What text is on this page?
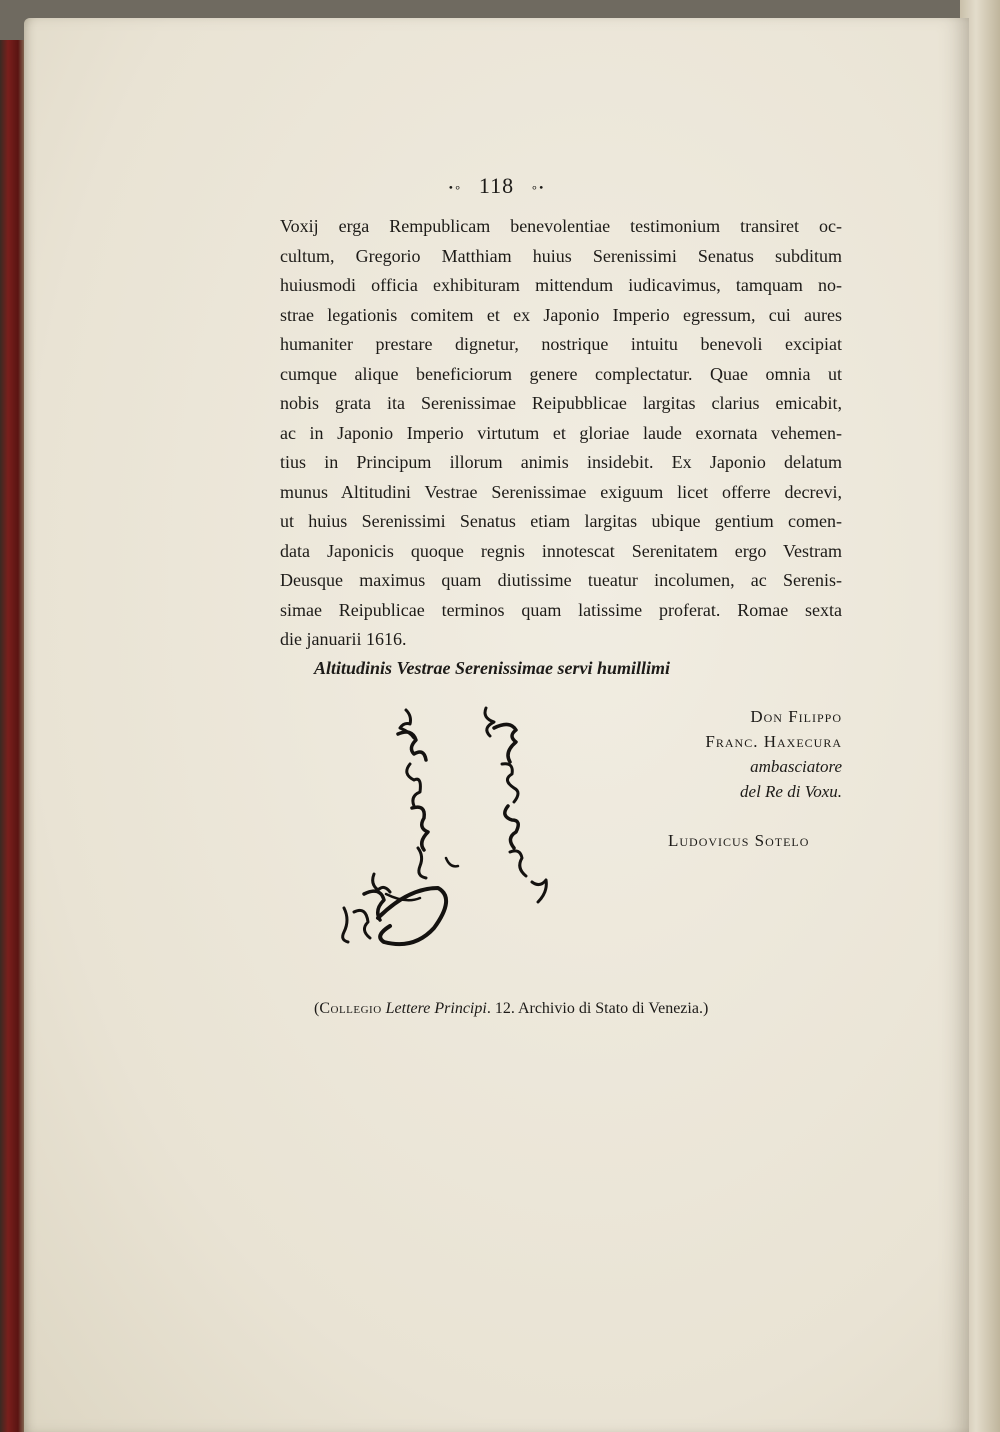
•∘ 118 ∘•
Voxij erga Rempublicam benevolentiae testimonium transiret oc-
cultum, Gregorio Matthiam huius Serenissimi Senatus subditum
huiusmodi officia exhibituram mittendum iudicavimus, tamquam no-
strae legationis comitem et ex Japonio Imperio egressum, cui aures
humaniter prestare dignetur, nostrique intuitu benevoli excipiat
cumque alique beneficiorum genere complectatur. Quae omnia ut
nobis grata ita Serenissimae Reipubblicae largitas clarius emicabit,
ac in Japonio Imperio virtutum et gloriae laude exornata vehemen-
tius in Principum illorum animis insidebit. Ex Japonio delatum
munus Altitudini Vestrae Serenissimae exiguum licet offerre decrevi,
ut huius Serenissimi Senatus etiam largitas ubique gentium comen-
data Japonicis quoque regnis innotescat Serenitatem ergo Vestram
Deusque maximus quam diutissime tueatur incolumen, ac Serenis-
simae Reipublicae terminos quam latissime proferat. Romae sexta
die januarii 1616.

Altitudinis Vestrae Serenissimae servi humillimi

Don Filippo
Franc. Haxecura
ambasciatore
del Re di Voxu.
Ludovicus Sotelo

(Collegio Lettere Principi. 12. Archivio di Stato di Venezia.)
